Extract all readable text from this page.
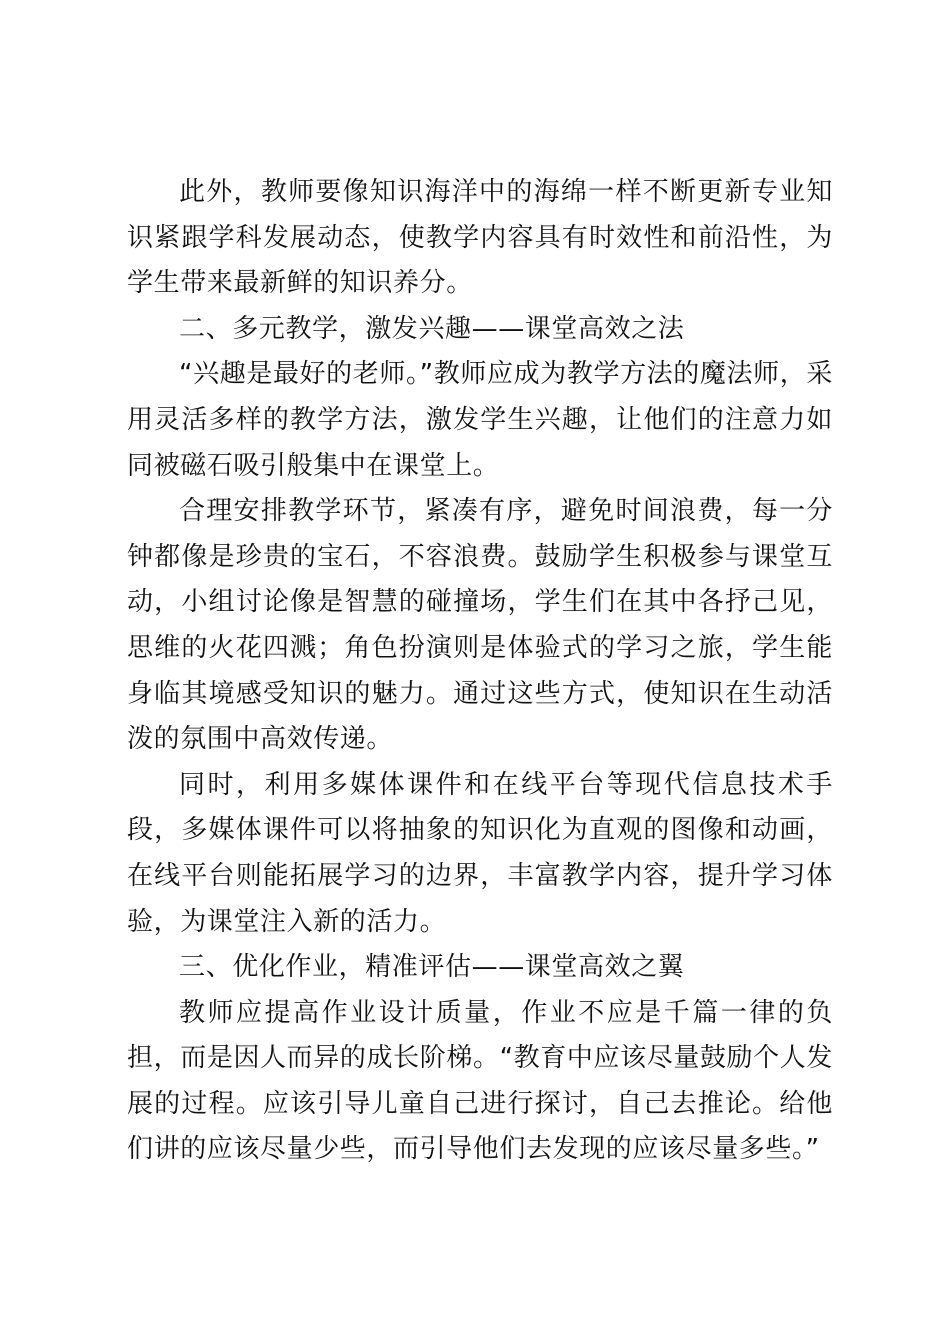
此外，教师要像知识海洋中的海绵一样不断更新专业知识紧跟学科发展动态，使教学内容具有时效性和前沿性，为学生带来最新鲜的知识养分。

二、多元教学，激发兴趣——课堂高效之法

“兴趣是最好的老师。”教师应成为教学方法的魔法师，采用灵活多样的教学方法，激发学生兴趣，让他们的注意力如同被磁石吸引般集中在课堂上。

合理安排教学环节，紧凑有序，避免时间浪费，每一分钟都像是珍贵的宝石，不容浪费。鼓励学生积极参与课堂互动，小组讨论像是智慧的碰撞场，学生们在其中各抒己见，思维的火花四溅；角色扮演则是体验式的学习之旅，学生能身临其境感受知识的魅力。通过这些方式，使知识在生动活泼的氛围中高效传递。

同时，利用多媒体课件和在线平台等现代信息技术手段，多媒体课件可以将抽象的知识化为直观的图像和动画，在线平台则能拓展学习的边界，丰富教学内容，提升学习体验，为课堂注入新的活力。

三、优化作业，精准评估——课堂高效之翼

教师应提高作业设计质量，作业不应是千篇一律的负担，而是因人而异的成长阶梯。“教育中应该尽量鼓励个人发展的过程。应该引导儿童自己进行探讨，自己去推论。给他们讲的应该尽量少些，而引导他们去发现的应该尽量多些。”
